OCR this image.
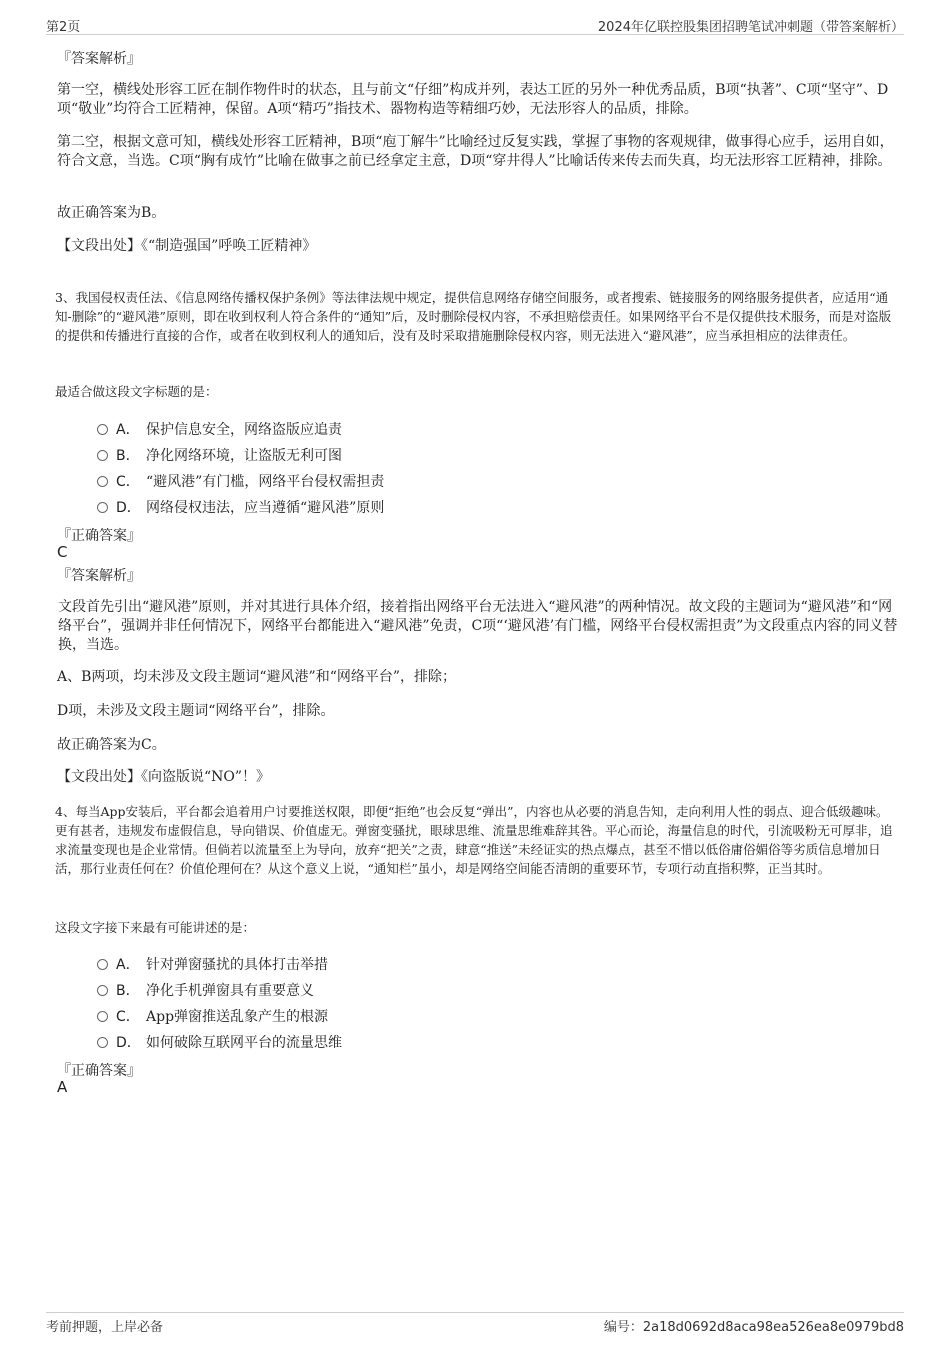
第2页	2024年亿联控股集团招聘笔试冲刺题（带答案解析）
『答案解析』
第一空，横线处形容工匠在制作物件时的状态，且与前文“仔细”构成并列，表达工匠的另外一种优秀品质，B项“执著”、C项“坚守”、D项“敬业”均符合工匠精神，保留。A项“精巧”指技术、器物构造等精细巧妙，无法形容人的品质，排除。
第二空，根据文意可知，横线处形容工匠精神，B项“庖丁解牛”比喻经过反复实践，掌握了事物的客观规律，做事得心应手，运用自如，符合文意，当选。C项“胸有成竹”比喻在做事之前已经拿定主意，D项“穿井得人”比喻话传来传去而失真，均无法形容工匠精神，排除。
故正确答案为B。
【文段出处】《“制造强国”呼唤工匠精神》
3、我国侵权责任法、《信息网络传播权保护条例》等法律法规中规定，提供信息网络存储空间服务，或者搜索、链接服务的网络服务提供者，应适用“通知-删除”的“避风港”原则，即在收到权利人符合条件的“通知”后，及时删除侵权内容，不承担赔偿责任。如果网络平台不是仅提供技术服务，而是对盗版的提供和传播进行直接的合作，或者在收到权利人的通知后，没有及时采取措施删除侵权内容，则无法进入“避风港”，应当承担相应的法律责任。
最适合做这段文字标题的是：
A． 保护信息安全，网络盗版应追责
B． 净化网络环境，让盗版无利可图
C． “避风港”有门槛，网络平台侵权需担责
D． 网络侵权违法，应当遵循“避风港”原则
『正确答案』
C
『答案解析』
文段首先引出“避风港”原则，并对其进行具体介绍，接着指出网络平台无法进入“避风港”的两种情况。故文段的主题词为“避风港”和“网络平台”，强调并非任何情况下，网络平台都能进入“避风港”免责，C项“‘避风港’有门槛，网络平台侵权需担责”为文段重点内容的同义替换，当选。
A、B两项，均未涉及文段主题词“避风港”和“网络平台”，排除；
D项，未涉及文段主题词“网络平台”，排除。
故正确答案为C。
【文段出处】《向盗版说“NO”！》
4、每当App安装后，平台都会追着用户讨要推送权限，即便“拒绝”也会反复“弹出”，内容也从必要的消息告知，走向利用人性的弱点、迎合低级趣味。更有甚者，违规发布虚假信息，导向错误、价值虚无。弹窗变骚扰，眼球思维、流量思维难辞其咎。平心而论，海量信息的时代，引流吸粉无可厚非，追求流量变现也是企业常情。但倘若以流量至上为导向，放弃“把关”之责，肆意“推送”未经证实的热点爆点，甚至不惜以低俗庸俗媚俗等劣质信息增加日活，那行业责任何在？价值伦理何在？从这个意义上说，“通知栏”虽小，却是网络空间能否清朗的重要环节，专项行动直指积弊，正当其时。
这段文字接下来最有可能讲述的是：
A． 针对弹窗骚扰的具体打击举措
B． 净化手机弹窗具有重要意义
C． App弹窗推送乱象产生的根源
D． 如何破除互联网平台的流量思维
『正确答案』
A
考前押题，上岸必备	编号：2a18d0692d8aca98ea526ea8e0979bd8
